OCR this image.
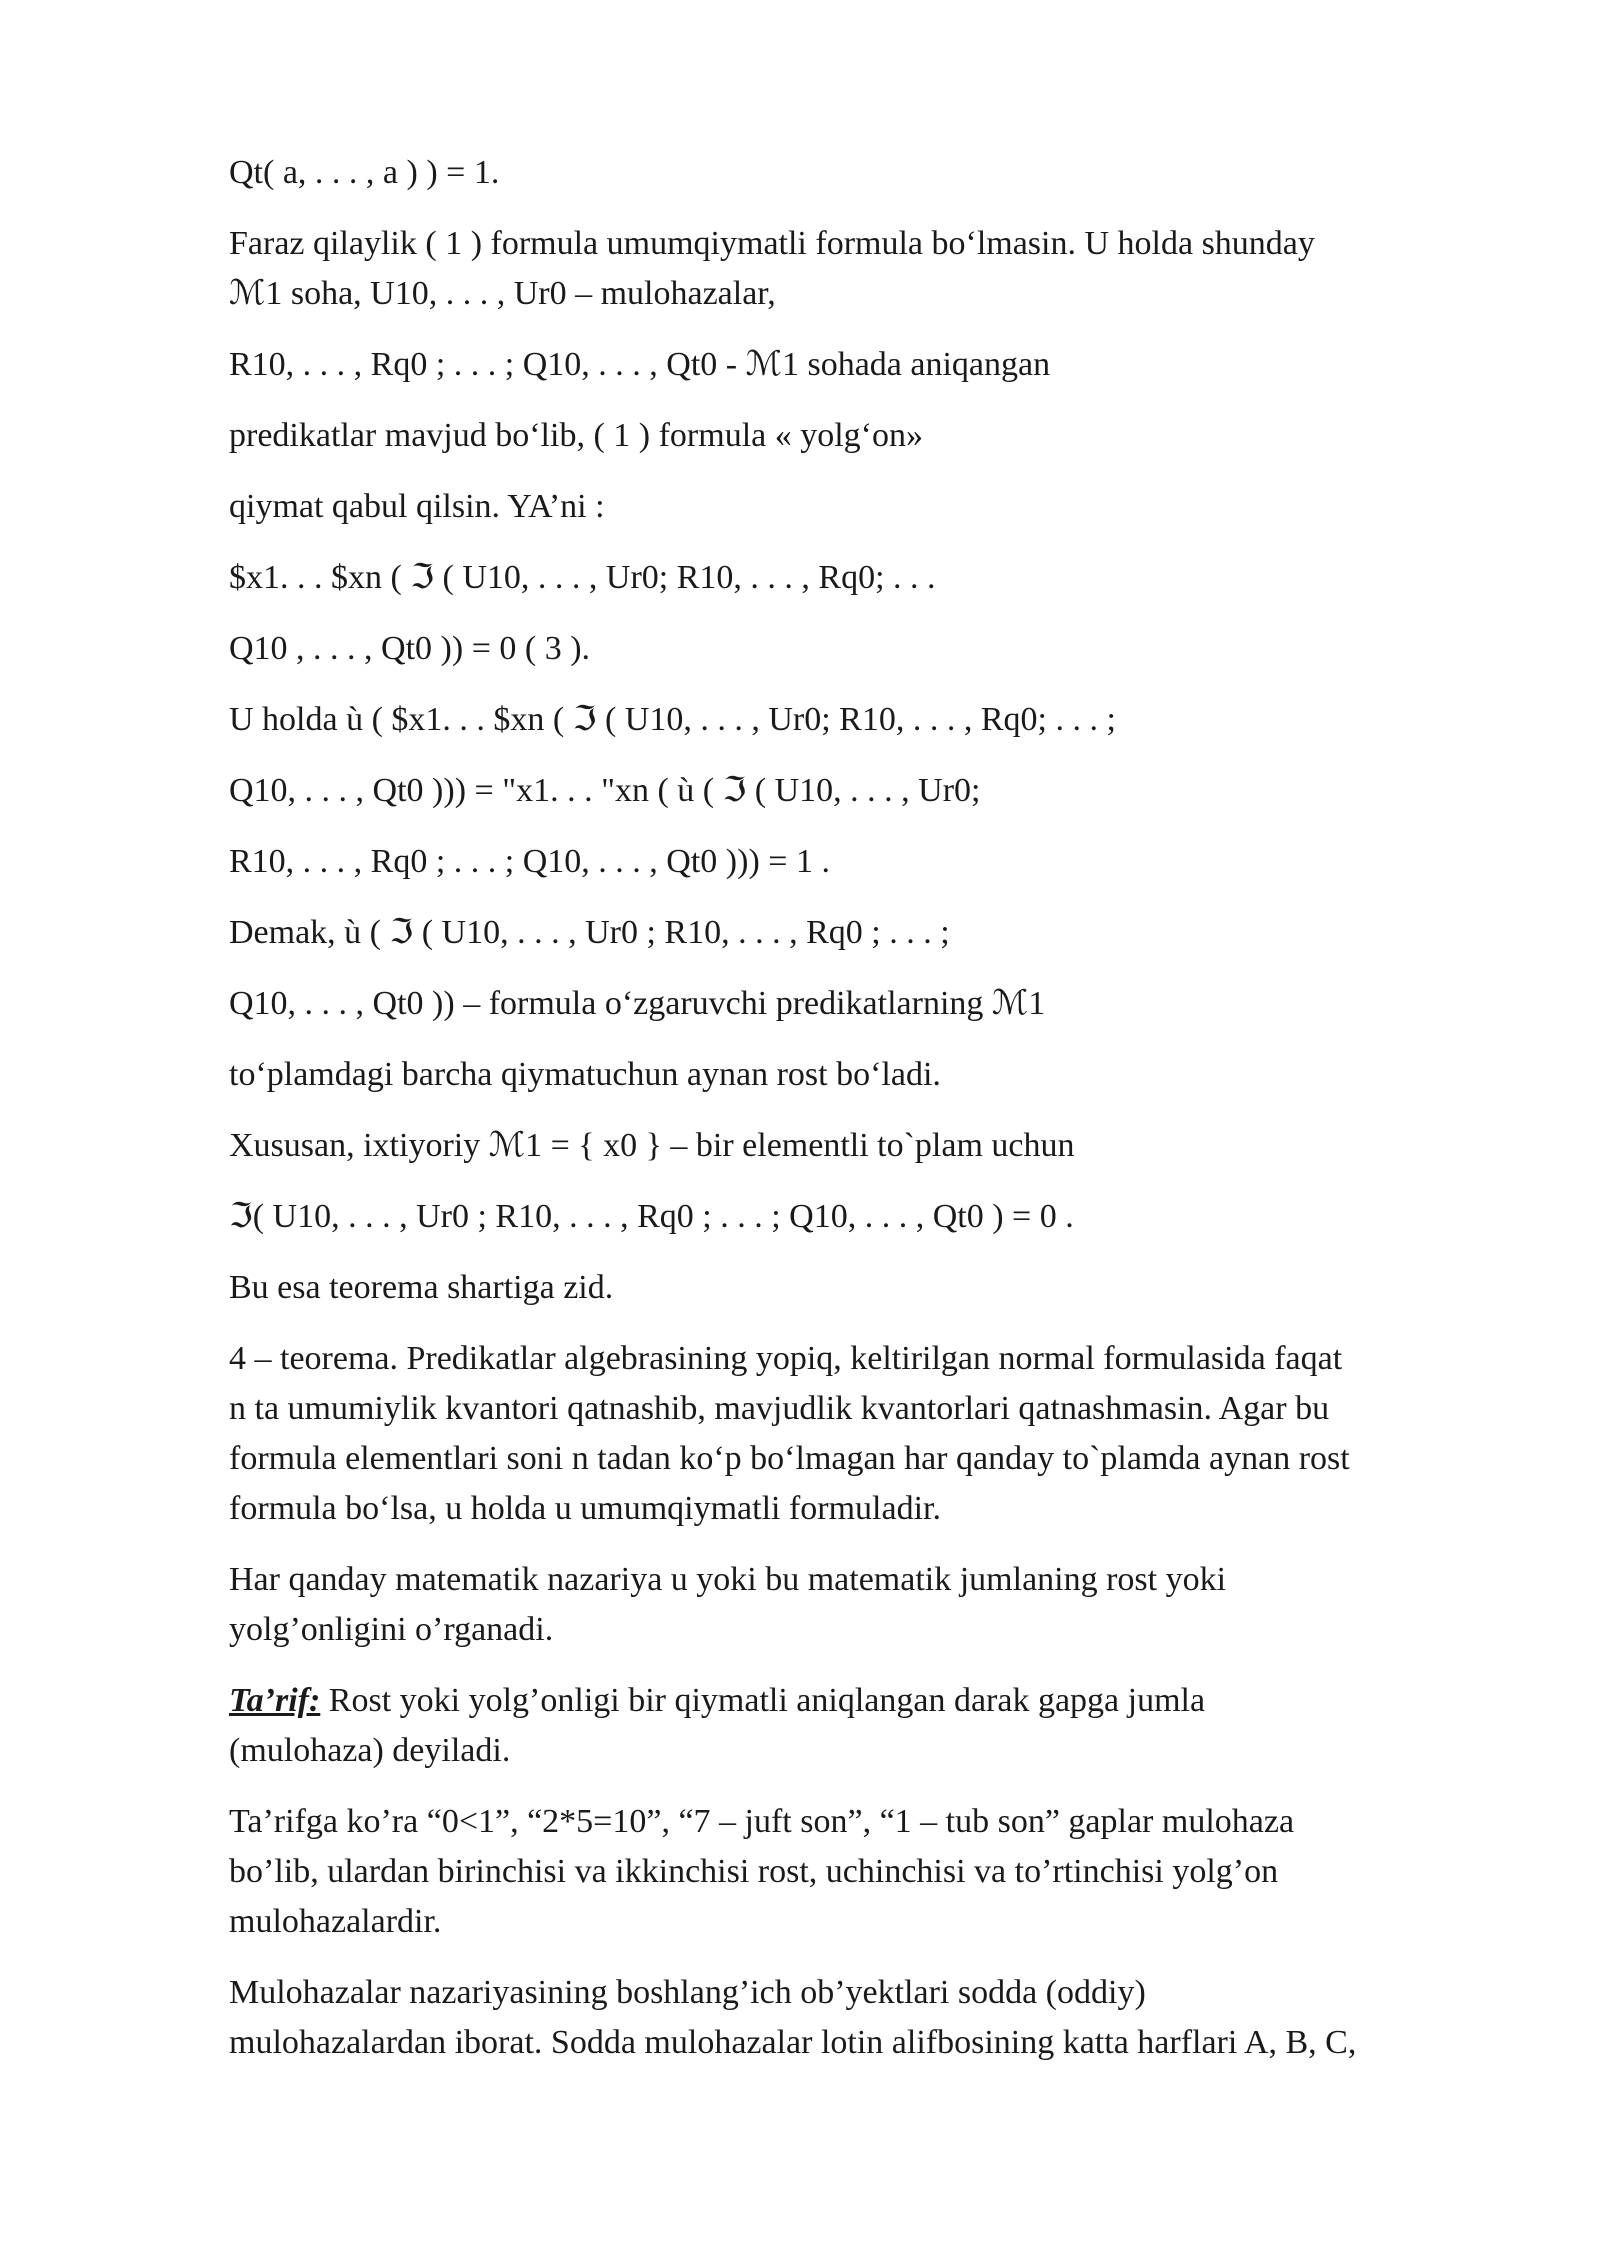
Qt( a, . . . , a ) ) = 1.

Faraz qilaylik ( 1 ) formula umumqiymatli formula bo‘lmasin. U holda shunday
ℳ1 soha, U10, . . . , Ur0 – mulohazalar,

R10, . . . , Rq0 ; . . . ; Q10, . . . , Qt0 - ℳ1 sohada aniqangan

predikatlar mavjud bo‘lib, ( 1 ) formula « yolg‘on»

qiymat qabul qilsin. YA’ni :

$x1. . . $xn ( ℑ ( U10, . . . , Ur0; R10, . . . , Rq0; . . .

Q10 , . . . , Qt0 )) = 0 ( 3 ).

U holda ù ( $x1. . . $xn ( ℑ ( U10, . . . , Ur0; R10, . . . , Rq0; . . . ;

Q10, . . . , Qt0 ))) = "x1. . . "xn ( ù ( ℑ ( U10, . . . , Ur0;

R10, . . . , Rq0 ; . . . ; Q10, . . . , Qt0 ))) = 1 .

Demak, ù ( ℑ ( U10, . . . , Ur0 ; R10, . . . , Rq0 ; . . . ;

Q10, . . . , Qt0 )) – formula o‘zgaruvchi predikatlarning ℳ1

to‘plamdagi barcha qiymatuchun aynan rost bo‘ladi.

Xususan, ixtiyoriy ℳ1 = { x0 } – bir elementli to`plam uchun

ℑ( U10, . . . , Ur0 ; R10, . . . , Rq0 ; . . . ; Q10, . . . , Qt0 ) = 0 .

Bu esa teorema shartiga zid.

4 – teorema. Predikatlar algebrasining yopiq, keltirilgan normal formulasida faqat
n ta umumiylik kvantori qatnashib, mavjudlik kvantorlari qatnashmasin. Agar bu
formula elementlari soni n tadan ko‘p bo‘lmagan har qanday to`plamda aynan rost
formula bo‘lsa, u holda u umumqiymatli formuladir.

Har qanday matematik nazariya u yoki bu matematik jumlaning rost yoki
yolg’onligini o’rganadi.

Ta’rif: Rost yoki yolg’onligi bir qiymatli aniqlangan darak gapga jumla
(mulohaza) deyiladi.

Ta’rifga ko’ra “0<1”, “2*5=10”, “7 – juft son”, “1 – tub son” gaplar mulohaza
bo’lib, ulardan birinchisi va ikkinchisi rost, uchinchisi va to’rtinchisi yolg’on
mulohazalardir.

Mulohazalar nazariyasining boshlang’ich ob’yektlari sodda (oddiy)
mulohazalardan iborat. Sodda mulohazalar lotin alifbosining katta harflari A, B, C,
